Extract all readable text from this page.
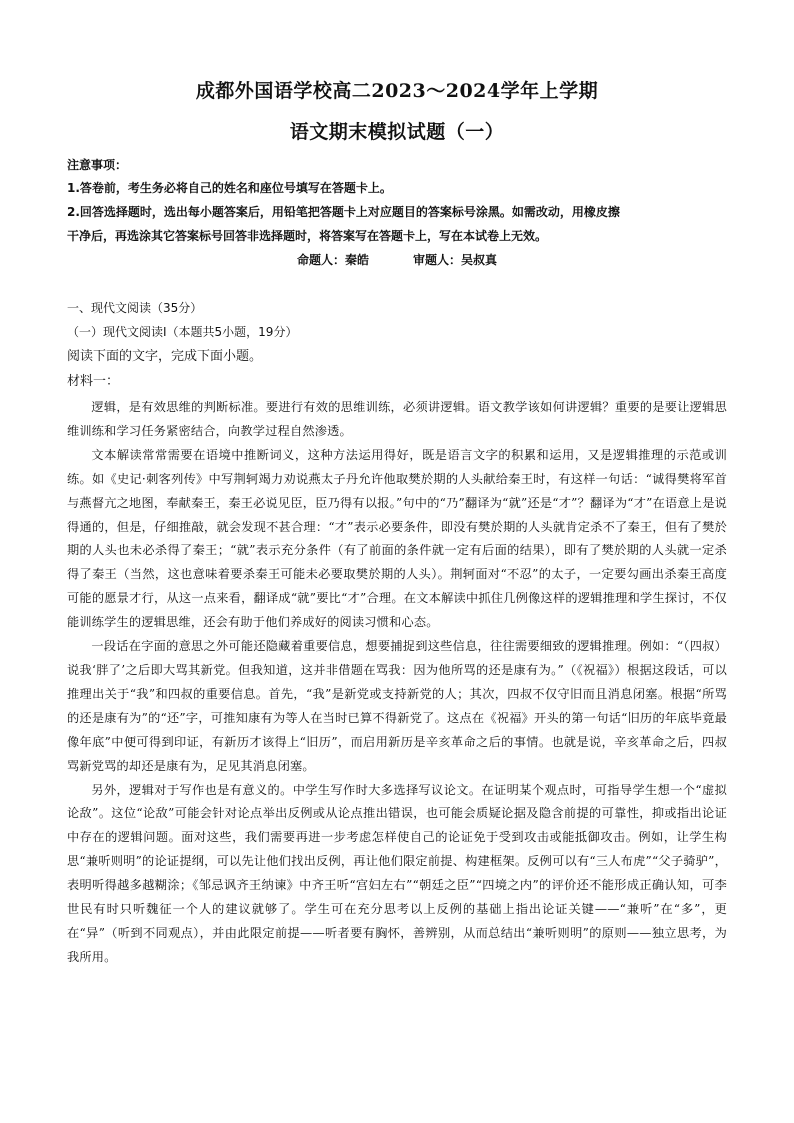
成都外国语学校高二2023～2024学年上学期
语文期末模拟试题（一）
注意事项：
1.答卷前，考生务必将自己的姓名和座位号填写在答题卡上。
2.回答选择题时，选出每小题答案后，用铅笔把答题卡上对应题目的答案标号涂黑。如需改动，用橡皮擦
干净后，再选涂其它答案标号回答非选择题时，将答案写在答题卡上，写在本试卷上无效。
命题人：秦皓	审题人：吴叔真
一、现代文阅读（35分）
（一）现代文阅读Ⅰ（本题共5小题，19分）
阅读下面的文字，完成下面小题。
材料一：

逻辑，是有效思维的判断标准。要进行有效的思维训练，必须讲逻辑。语文教学该如何讲逻辑？重要的是要让逻辑思维训练和学习任务紧密结合，向教学过程自然渗透。

文本解读常常需要在语境中推断词义，这种方法运用得好，既是语言文字的积累和运用，又是逻辑推理的示范或训练。如《史记·刺客列传》中写荆轲竭力劝说燕太子丹允许他取樊於期的人头献给秦王时，有这样一句话：“诚得樊将军首与燕督亢之地图，奉献秦王，秦王必说见臣，臣乃得有以报。”句中的“乃”翻译为“就”还是“才”？翻译为“才”在语意上是说得通的，但是，仔细推敲，就会发现不甚合理：“才”表示必要条件，即没有樊於期的人头就肯定杀不了秦王，但有了樊於期的人头也未必杀得了秦王；“就”表示充分条件（有了前面的条件就一定有后面的结果），即有了樊於期的人头就一定杀得了秦王（当然，这也意味着要杀秦王可能未必要取樊於期的人头）。荆轲面对“不忍”的太子，一定要勾画出杀秦王高度可能的愿景才行，从这一点来看，翻译成“就”要比“才”合理。在文本解读中抓住几例像这样的逻辑推理和学生探讨，不仅能训练学生的逻辑思维，还会有助于他们养成好的阅读习惯和心态。

一段话在字面的意思之外可能还隐藏着重要信息，想要捕捉到这些信息，往往需要细致的逻辑推理。例如：“（四叔）说我‘胖了’之后即大骂其新党。但我知道，这并非借题在骂我：因为他所骂的还是康有为。”（《祝福》）根据这段话，可以推理出关于“我”和四叔的重要信息。首先，“我”是新党或支持新党的人；其次，四叔不仅守旧而且消息闭塞。根据“所骂的还是康有为”的“还”字，可推知康有为等人在当时已算不得新党了。这点在《祝福》开头的第一句话“旧历的年底毕竟最像年底”中便可得到印证，有新历才该得上“旧历”，而启用新历是辛亥革命之后的事情。也就是说，辛亥革命之后，四叔骂新党骂的却还是康有为，足见其消息闭塞。

另外，逻辑对于写作也是有意义的。中学生写作时大多选择写议论文。在证明某个观点时，可指导学生想一个“虚拟论敌”。这位“论敌”可能会针对论点举出反例或从论点推出错误，也可能会质疑论据及隐含前提的可靠性，抑或指出论证中存在的逻辑问题。面对这些，我们需要再进一步考虑怎样使自己的论证免于受到攻击或能抵御攻击。例如，让学生构思“兼听则明”的论证提纲，可以先让他们找出反例，再让他们限定前提、构建框架。反例可以有“三人布虎”“父子骑驴”，表明听得越多越糊涂；《邹忌讽齐王纳谏》中齐王听“宫妇左右”“朝廷之臣”“四境之内”的评价还不能形成正确认知，可李世民有时只听魏征一个人的建议就够了。学生可在充分思考以上反例的基础上指出论证关键——“兼听”在“多”，更在“异”（听到不同观点），并由此限定前提——听者要有胸怀，善辨别，从而总结出“兼听则明”的原则——独立思考，为我所用。
